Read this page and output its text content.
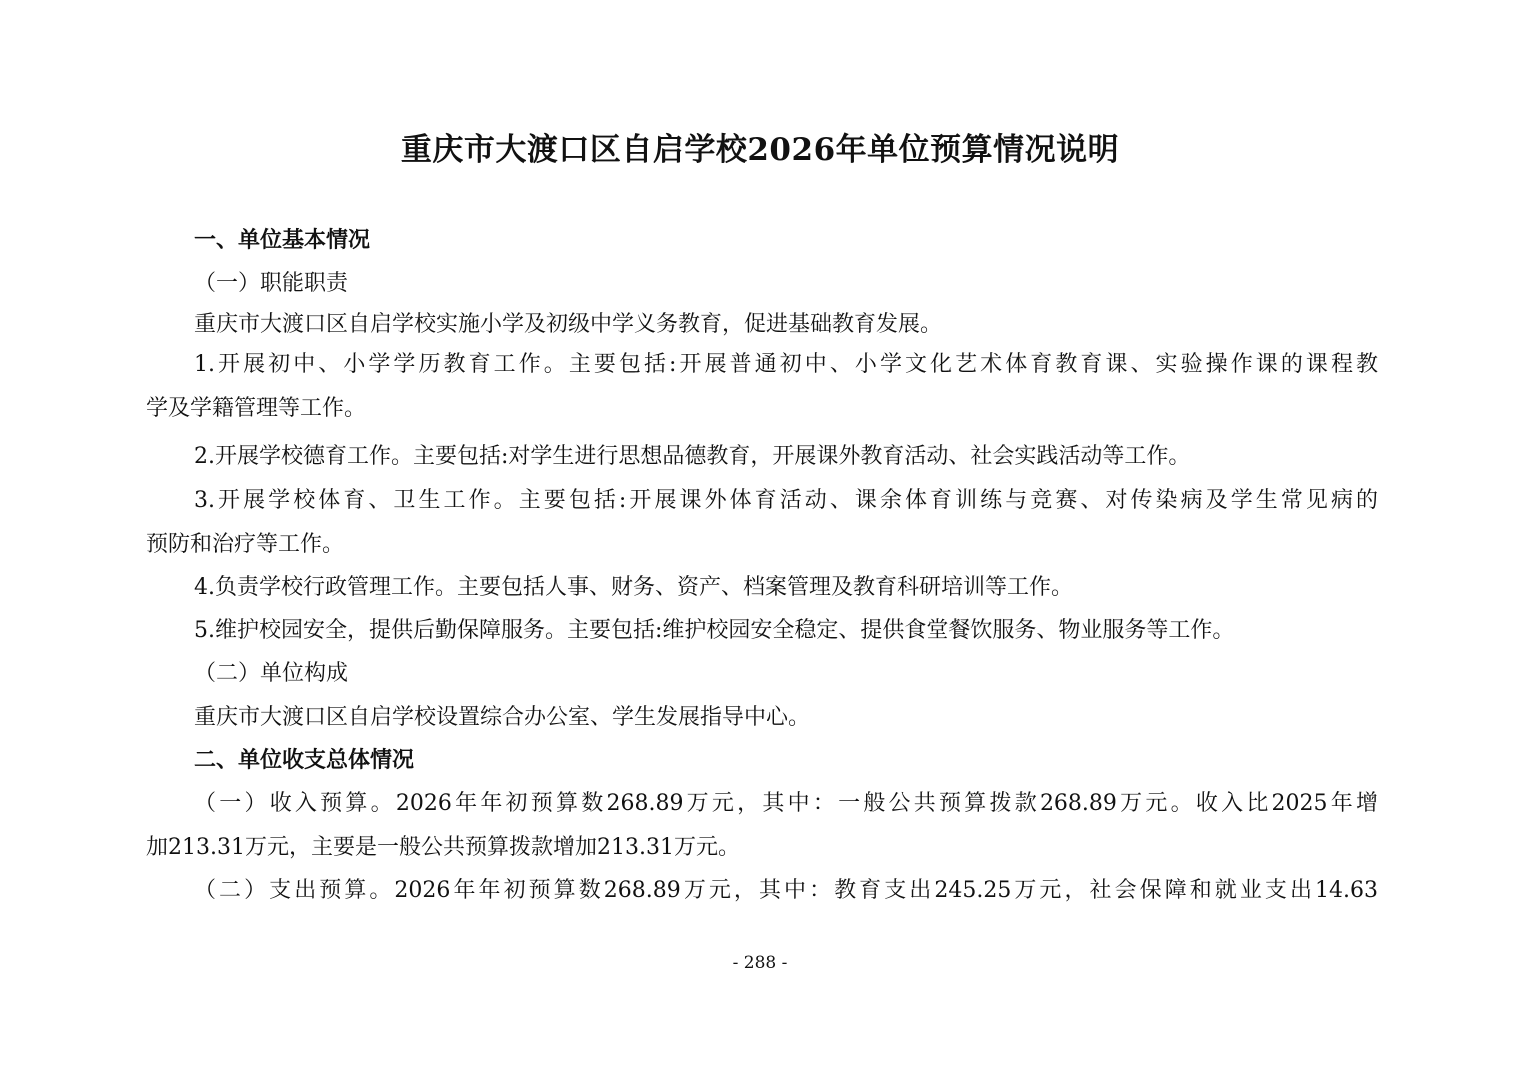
重庆市大渡口区自启学校2026年单位预算情况说明

一、单位基本情况

（一）职能职责

重庆市大渡口区自启学校实施小学及初级中学义务教育，促进基础教育发展。

1.开展初中、小学学历教育工作。主要包括:开展普通初中、小学文化艺术体育教育课、实验操作课的课程教

学及学籍管理等工作。

2.开展学校德育工作。主要包括:对学生进行思想品德教育，开展课外教育活动、社会实践活动等工作。

3.开展学校体育、卫生工作。主要包括:开展课外体育活动、课余体育训练与竞赛、对传染病及学生常见病的

预防和治疗等工作。

4.负责学校行政管理工作。主要包括人事、财务、资产、档案管理及教育科研培训等工作。

5.维护校园安全，提供后勤保障服务。主要包括:维护校园安全稳定、提供食堂餐饮服务、物业服务等工作。

（二）单位构成

重庆市大渡口区自启学校设置综合办公室、学生发展指导中心。

二、单位收支总体情况

（一）收入预算。2026年年初预算数268.89万元，其中：一般公共预算拨款268.89万元。收入比2025年增

加213.31万元，主要是一般公共预算拨款增加213.31万元。

（二）支出预算。2026年年初预算数268.89万元，其中：教育支出245.25万元，社会保障和就业支出14.63

- 288 -
